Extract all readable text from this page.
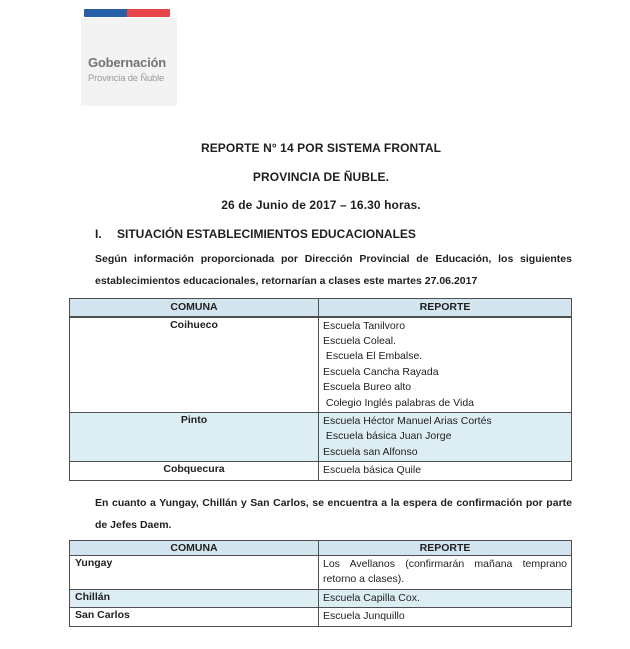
Gobernación
Provincia de Ñuble
REPORTE N° 14 POR SISTEMA FRONTAL
PROVINCIA DE ÑUBLE.
26 de Junio de 2017 – 16.30 horas.
I. SITUACIÓN ESTABLECIMIENTOS EDUCACIONALES

Según información proporcionada por Dirección Provincial de Educación, los siguientes establecimientos educacionales, retornarían a clases este martes 27.06.2017

COMUNA	REPORTE
Coihueco	Escuela Tanilvoro
Escuela Coleal.
Escuela El Embalse.
Escuela Cancha Rayada
Escuela Bureo alto
Colegio Inglés palabras de Vida

Pinto	Escuela Héctor Manuel Arias Cortés
Escuela básica Juan Jorge
Escuela san Alfonso

Cobquecura	Escuela básica Quile

En cuanto a Yungay, Chillán y San Carlos, se encuentra a la espera de confirmación por parte de Jefes Daem.

COMUNA	REPORTE
Yungay	Los Avellanos (confirmarán mañana temprano retorno a clases).

Chillán	Escuela Capilla Cox.

San Carlos	Escuela Junquillo
